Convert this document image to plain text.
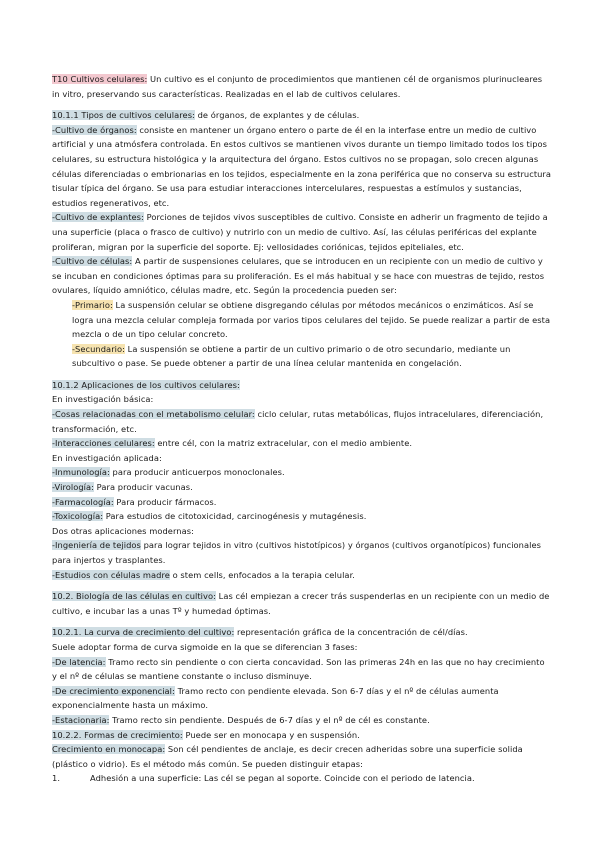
T10 Cultivos celulares: Un cultivo es el conjunto de procedimientos que mantienen cél de organismos plurinucleares in vitro, preservando sus características. Realizadas en el lab de cultivos celulares.

10.1.1 Tipos de cultivos celulares: de órganos, de explantes y de células.

-Cultivo de órganos: consiste en mantener un órgano entero o parte de él en la interfase entre un medio de cultivo artificial y una atmósfera controlada. En estos cultivos se mantienen vivos durante un tiempo limitado todos los tipos celulares, su estructura histológica y la arquitectura del órgano. Estos cultivos no se propagan, solo crecen algunas células diferenciadas o embrionarias en los tejidos, especialmente en la zona periférica que no conserva su estructura tisular típica del órgano. Se usa para estudiar interacciones intercelulares, respuestas a estímulos y sustancias, estudios regenerativos, etc.

-Cultivo de explantes: Porciones de tejidos vivos susceptibles de cultivo. Consiste en adherir un fragmento de tejido a una superficie (placa o frasco de cultivo) y nutrirlo con un medio de cultivo. Así, las células periféricas del explante proliferan, migran por la superficie del soporte. Ej: vellosidades coriónicas, tejidos epiteliales, etc.

-Cultivo de células: A partir de suspensiones celulares, que se introducen en un recipiente con un medio de cultivo y se incuban en condiciones óptimas para su proliferación. Es el más habitual y se hace con muestras de tejido, restos ovulares, líquido amniótico, células madre, etc. Según la procedencia pueden ser:

-Primario: La suspensión celular se obtiene disgregando células por métodos mecánicos o enzimáticos. Así se logra una mezcla celular compleja formada por varios tipos celulares del tejido. Se puede realizar a partir de esta mezcla o de un tipo celular concreto.

-Secundario: La suspensión se obtiene a partir de un cultivo primario o de otro secundario, mediante un subcultivo o pase. Se puede obtener a partir de una línea celular mantenida en congelación.

10.1.2 Aplicaciones de los cultivos celulares:

En investigación básica:

-Cosas relacionadas con el metabolismo celular: ciclo celular, rutas metabólicas, flujos intracelulares, diferenciación, transformación, etc.

-Interacciones celulares: entre cél, con la matriz extracelular, con el medio ambiente.

En investigación aplicada:

-Inmunología: para producir anticuerpos monoclonales.

-Virología: Para producir vacunas.

-Farmacología: Para producir fármacos.

-Toxicología: Para estudios de citotoxicidad, carcinogénesis y mutagénesis.

Dos otras aplicaciones modernas:

-Ingeniería de tejidos para lograr tejidos in vitro (cultivos histotípicos) y órganos (cultivos organotípicos) funcionales para injertos y trasplantes.

-Estudios con células madre o stem cells, enfocados a la terapia celular.

10.2. Biología de las células en cultivo: Las cél empiezan a crecer trás suspenderlas en un recipiente con un medio de cultivo, e incubar las a unas Tº y humedad óptimas.

10.2.1. La curva de crecimiento del cultivo: representación gráfica de la concentración de cél/días.

Suele adoptar forma de curva sigmoide en la que se diferencian 3 fases:

-De latencia: Tramo recto sin pendiente o con cierta concavidad. Son las primeras 24h en las que no hay crecimiento y el nº de células se mantiene constante o incluso disminuye.

-De crecimiento exponencial: Tramo recto con pendiente elevada. Son 6-7 días y el nº de células aumenta exponencialmente hasta un máximo.

-Estacionaria: Tramo recto sin pendiente. Después de 6-7 días y el nº de cél es constante.

10.2.2. Formas de crecimiento: Puede ser en monocapa y en suspensión.

Crecimiento en monocapa: Son cél pendientes de anclaje, es decir crecen adheridas sobre una superficie solida (plástico o vidrio). Es el método más común. Se pueden distinguir etapas:

1.	Adhesión a una superficie: Las cél se pegan al soporte. Coincide con el periodo de latencia.
